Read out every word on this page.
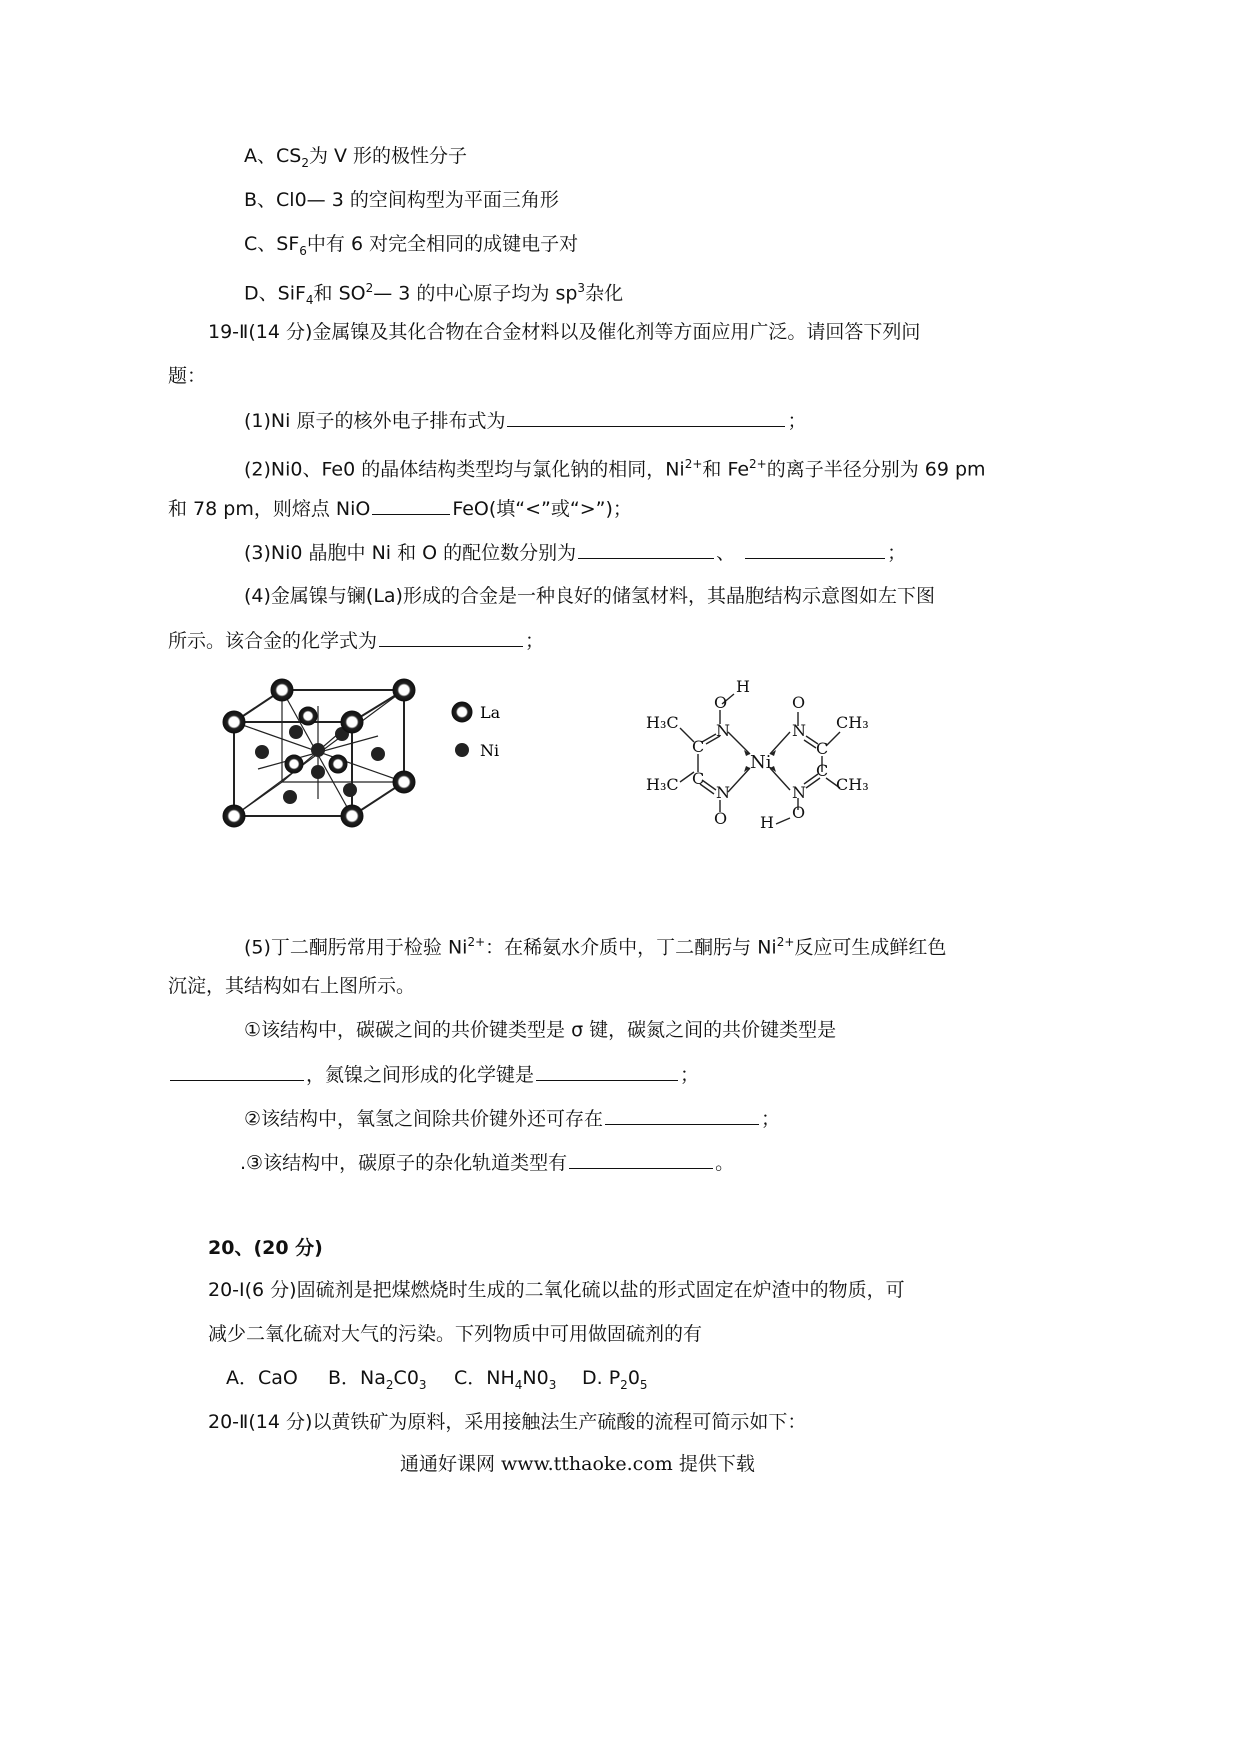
A、$CS_2$为 V 形的极性分子
B、Cl0— 3 的空间构型为平面三角形
C、$SF_6$中有 6 对完全相同的成键电子对
D、SiF$_4$和 $SO^2—$ 3 的中心原子均为 $sp^3$杂化
19-Ⅱ(14 分)金属镍及其化合物在合金材料以及催化剂等方面应用广泛。请回答下列问
题：
(1)Ni 原子的核外电子排布式为	；
(2)Ni0、Fe0 的晶体结构类型均与氯化钠的相同，$Ni^{2+}$和 $Fe^{2+}$的离子半径分别为 69 pm
和 78 pm，则熔点 NiO	FeO(填“<”或“>”)；
(3)Ni0 晶胞中 Ni 和 O 的配位数分别为	、	；
(4)金属镍与镧(La)形成的合金是一种良好的储氢材料，其晶胞结构示意图如左下图
所示。该合金的化学式为	；
La
Ni
H
O	O
H₃C N	N CH₃
C	C
Ni
C	C
H₃C N	N CH₃
O	O
H
(5)丁二酮肟常用于检验 $Ni^{2+}$：在稀氨水介质中，丁二酮肟与 $Ni^{2+}$反应可生成鲜红色
沉淀，其结构如右上图所示。
①该结构中，碳碳之间的共价键类型是 σ 键，碳氮之间的共价键类型是
，氮镍之间形成的化学键是	；
②该结构中，氧氢之间除共价键外还可存在	；
.③该结构中，碳原子的杂化轨道类型有	。
20、(20 分)
20-Ⅰ(6 分)固硫剂是把煤燃烧时生成的二氧化硫以盐的形式固定在炉渣中的物质，可
减少二氧化硫对大气的污染。下列物质中可用做固硫剂的有
A．CaO B．$Na_2C0_3$ C．$NH_4N0_3$ D. $P_20_5$
20-Ⅱ(14 分)以黄铁矿为原料，采用接触法生产硫酸的流程可简示如下：
通通好课网 www.tthaoke.com 提供下载
